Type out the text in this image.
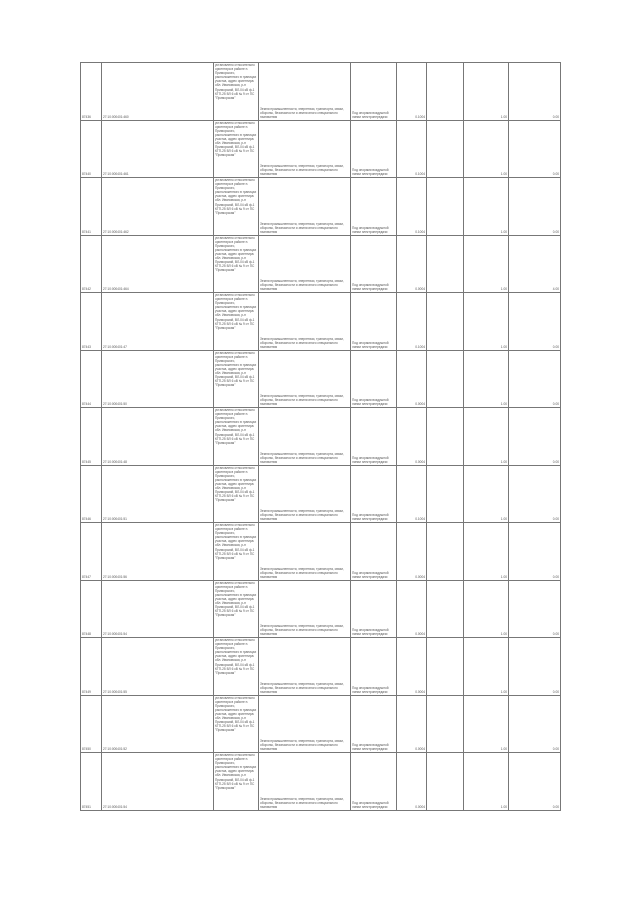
87436	27:10:000401:460	установлено относительно ориентира в районе п. Приморского, расположенного в границах участка, адрес ориентира: обл. Ивановская, р-н Приморский, ВЛ-04 кВ ф-1 КТП-25 ВЛ 6 кВ № 9 от ПС "Приморская"	Земли промышленности, энергетики, транспорта, связи, обороны, безопасности и земли иного специального назначения	Под опорами воздушной линии электропередачи	0.1004		1.00	0.00
87440	27:10:000401:461	установлено относительно ориентира в районе п. Приморского, расположенного в границах участка, адрес ориентира: обл. Ивановская, р-н Приморский, ВЛ-04 кВ ф-1 КТП-25 ВЛ 6 кВ № 9 от ПС "Приморская"	Земли промышленности, энергетики, транспорта, связи, обороны, безопасности и земли иного специального назначения	Под опорами воздушной линии электропередачи	0.1004		1.00	0.00
87441	27:10:000401:462	установлено относительно ориентира в районе п. Приморского, расположенного в границах участка, адрес ориентира: обл. Ивановская, р-н Приморский, ВЛ-04 кВ ф-1 КТП-25 ВЛ 6 кВ № 9 от ПС "Приморская"	Земли промышленности, энергетики, транспорта, связи, обороны, безопасности и земли иного специального назначения	Под опорами воздушной линии электропередачи	0.1004		1.00	0.00
87442	27:10:000401:464	установлено относительно ориентира в районе п. Приморского, расположенного в границах участка, адрес ориентира: обл. Ивановская, р-н Приморский, ВЛ-04 кВ ф-1 КТП-25 ВЛ 6 кВ № 9 от ПС "Приморская"	Земли промышленности, энергетики, транспорта, связи, обороны, безопасности и земли иного специального назначения	Под опорами воздушной линии электропередачи	0.0004		1.00	4.00
87443	27:10:000401:47	установлено относительно ориентира в районе п. Приморского, расположенного в границах участка, адрес ориентира: обл. Ивановская, р-н Приморский, ВЛ-04 кВ ф-1 КТП-25 ВЛ 6 кВ № 9 от ПС "Приморская"	Земли промышленности, энергетики, транспорта, связи, обороны, безопасности и земли иного специального назначения	Под опорами воздушной линии электропередачи	0.1004		1.00	0.00
87444	27:10:000401:50	установлено относительно ориентира в районе п. Приморского, расположенного в границах участка, адрес ориентира: обл. Ивановская, р-н Приморский, ВЛ-04 кВ ф-1 КТП-25 ВЛ 6 кВ № 9 от ПС "Приморская"	Земли промышленности, энергетики, транспорта, связи, обороны, безопасности и земли иного специального назначения	Под опорами воздушной линии электропередачи	0.0004		1.00	0.00
87445	27:10:000401:48	установлено относительно ориентира в районе п. Приморского, расположенного в границах участка, адрес ориентира: обл. Ивановская, р-н Приморский, ВЛ-04 кВ ф-1 КТП-25 ВЛ 6 кВ № 9 от ПС "Приморская"	Земли промышленности, энергетики, транспорта, связи, обороны, безопасности и земли иного специального назначения	Под опорами воздушной линии электропередачи	0.0004		1.00	0.00
87446	27:10:000401:51	установлено относительно ориентира в районе п. Приморского, расположенного в границах участка, адрес ориентира: обл. Ивановская, р-н Приморский, ВЛ-04 кВ ф-1 КТП-25 ВЛ 6 кВ № 9 от ПС "Приморская"	Земли промышленности, энергетики, транспорта, связи, обороны, безопасности и земли иного специального назначения	Под опорами воздушной линии электропередачи	0.1004		1.00	0.00
87447	27:10:000401:56	установлено относительно ориентира в районе п. Приморского, расположенного в границах участка, адрес ориентира: обл. Ивановская, р-н Приморский, ВЛ-04 кВ ф-1 КТП-25 ВЛ 6 кВ № 9 от ПС "Приморская"	Земли промышленности, энергетики, транспорта, связи, обороны, безопасности и земли иного специального назначения	Под опорами воздушной линии электропередачи	0.0004		1.00	0.00
87448	27:10:000401:54	установлено относительно ориентира в районе п. Приморского, расположенного в границах участка, адрес ориентира: обл. Ивановская, р-н Приморский, ВЛ-04 кВ ф-1 КТП-25 ВЛ 6 кВ № 9 от ПС "Приморская"	Земли промышленности, энергетики, транспорта, связи, обороны, безопасности и земли иного специального назначения	Под опорами воздушной линии электропередачи	0.0004		1.00	0.00
87449	27:10:000401:55	установлено относительно ориентира в районе п. Приморского, расположенного в границах участка, адрес ориентира: обл. Ивановская, р-н Приморский, ВЛ-04 кВ ф-1 КТП-25 ВЛ 6 кВ № 9 от ПС "Приморская"	Земли промышленности, энергетики, транспорта, связи, обороны, безопасности и земли иного специального назначения	Под опорами воздушной линии электропередачи	0.0004		1.00	0.00
87450	27:10:000401:52	установлено относительно ориентира в районе п. Приморского, расположенного в границах участка, адрес ориентира: обл. Ивановская, р-н Приморский, ВЛ-04 кВ ф-1 КТП-25 ВЛ 6 кВ № 9 от ПС "Приморская"	Земли промышленности, энергетики, транспорта, связи, обороны, безопасности и земли иного специального назначения	Под опорами воздушной линии электропередачи	0.0004		1.00	0.00
87451	27:10:000401:54	установлено относительно ориентира в районе п. Приморского, расположенного в границах участка, адрес ориентира: обл. Ивановская, р-н Приморский, ВЛ-04 кВ ф-1 КТП-25 ВЛ 6 кВ № 9 от ПС "Приморская"	Земли промышленности, энергетики, транспорта, связи, обороны, безопасности и земли иного специального назначения	Под опорами воздушной линии электропередачи	0.0004		1.00	0.00
